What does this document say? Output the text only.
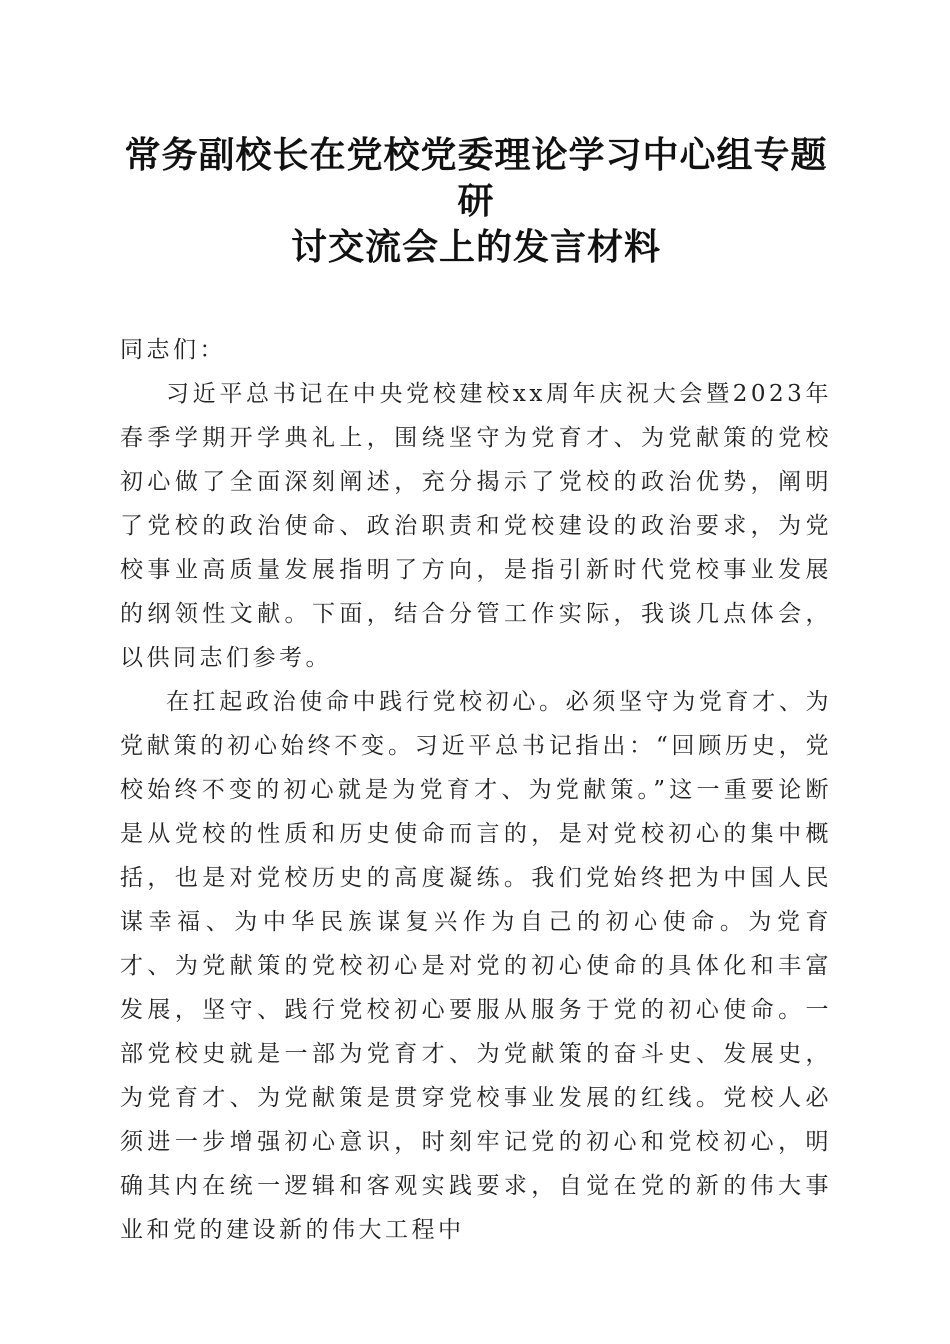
常务副校长在党校党委理论学习中心组专题研
讨交流会上的发言材料

同志们：

习近平总书记在中央党校建校xx周年庆祝大会暨2023年春季学期开学典礼上，围绕坚守为党育才、为党献策的党校初心做了全面深刻阐述，充分揭示了党校的政治优势，阐明了党校的政治使命、政治职责和党校建设的政治要求，为党校事业高质量发展指明了方向，是指引新时代党校事业发展的纲领性文献。下面，结合分管工作实际，我谈几点体会，以供同志们参考。

在扛起政治使命中践行党校初心。必须坚守为党育才、为党献策的初心始终不变。习近平总书记指出：“回顾历史，党校始终不变的初心就是为党育才、为党献策。”这一重要论断是从党校的性质和历史使命而言的，是对党校初心的集中概括，也是对党校历史的高度凝练。我们党始终把为中国人民谋幸福、为中华民族谋复兴作为自己的初心使命。为党育才、为党献策的党校初心是对党的初心使命的具体化和丰富发展，坚守、践行党校初心要服从服务于党的初心使命。一部党校史就是一部为党育才、为党献策的奋斗史、发展史，为党育才、为党献策是贯穿党校事业发展的红线。党校人必须进一步增强初心意识，时刻牢记党的初心和党校初心，明确其内在统一逻辑和客观实践要求，自觉在党的新的伟大事业和党的建设新的伟大工程中
